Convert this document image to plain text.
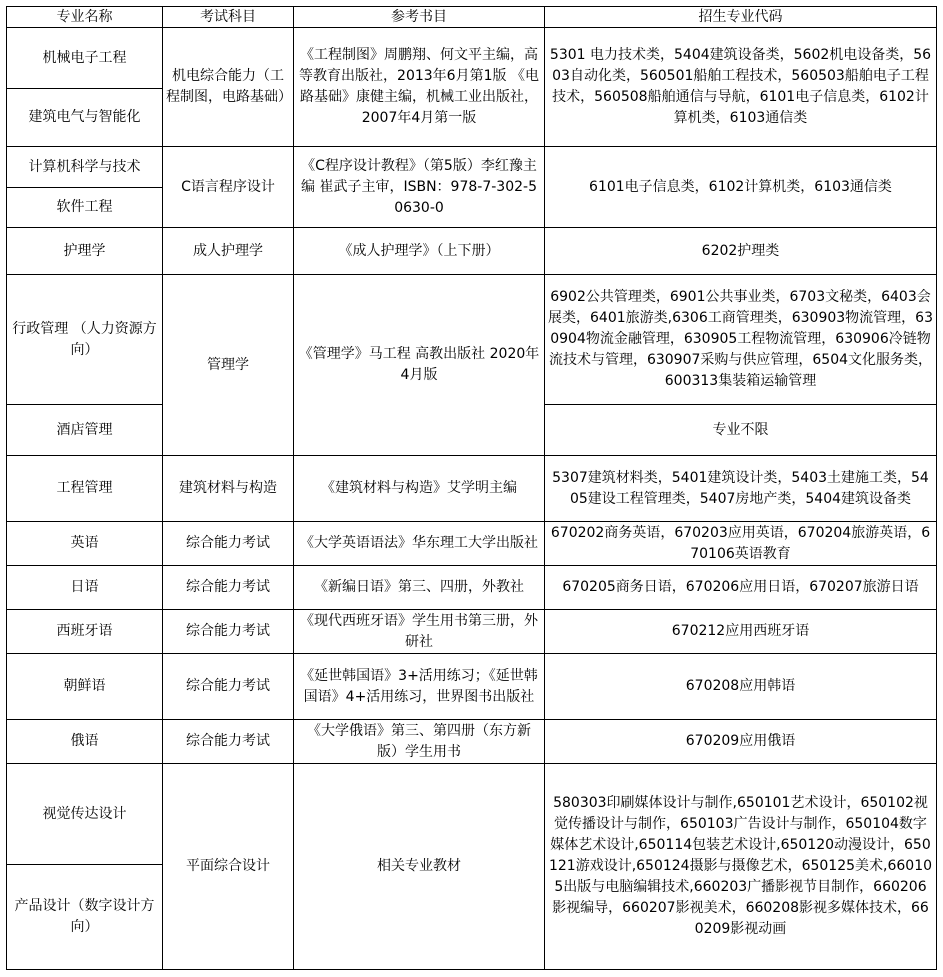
专业名称	考试科目	参考书目	招生专业代码
机械电子工程	机电综合能力（工程制图，电路基础）	《工程制图》周鹏翔、何文平主编，高等教育出版社，2013年6月第1版 《电路基础》康健主编，机械工业出版社，2007年4月第一版	5301 电力技术类，5404建筑设备类，5602机电设备类，5603自动化类，560501船舶工程技术，560503船舶电子工程技术，560508船舶通信与导航，6101电子信息类，6102计算机类，6103通信类
建筑电气与智能化			
计算机科学与技术	C语言程序设计	《C程序设计教程》（第5版）李红豫主编 崔武子主审，ISBN：978-7-302-50630-0	6101电子信息类，6102计算机类，6103通信类
软件工程			
护理学	成人护理学	《成人护理学》（上下册）	6202护理类
行政管理 （人力资源方向）	管理学	《管理学》马工程 高教出版社 2020年4月版	6902公共管理类，6901公共事业类，6703文秘类，6403会展类，6401旅游类,6306工商管理类，630903物流管理，630904物流金融管理，630905工程物流管理，630906冷链物流技术与管理，630907采购与供应管理，6504文化服务类，600313集装箱运输管理
酒店管理			专业不限
工程管理	建筑材料与构造	《建筑材料与构造》艾学明主编	5307建筑材料类，5401建筑设计类，5403土建施工类，5405建设工程管理类，5407房地产类，5404建筑设备类
英语	综合能力考试	《大学英语语法》华东理工大学出版社	670202商务英语，670203应用英语，670204旅游英语，670106英语教育
日语	综合能力考试	《新编日语》第三、四册，外教社	670205商务日语，670206应用日语，670207旅游日语
西班牙语	综合能力考试	《现代西班牙语》学生用书第三册，外研社	670212应用西班牙语
朝鲜语	综合能力考试	《延世韩国语》3+活用练习；《延世韩国语》4+活用练习，世界图书出版社	670208应用韩语
俄语	综合能力考试	《大学俄语》第三、第四册（东方新版）学生用书	670209应用俄语
视觉传达设计	平面综合设计	相关专业教材	580303印刷媒体设计与制作,650101艺术设计，650102视觉传播设计与制作，650103广告设计与制作，650104数字媒体艺术设计,650114包装艺术设计,650120动漫设计，650121游戏设计,650124摄影与摄像艺术，650125美术,660105出版与电脑编辑技术,660203广播影视节目制作，660206影视编导，660207影视美术，660208影视多媒体技术，660209影视动画
产品设计（数字设计方向）			
